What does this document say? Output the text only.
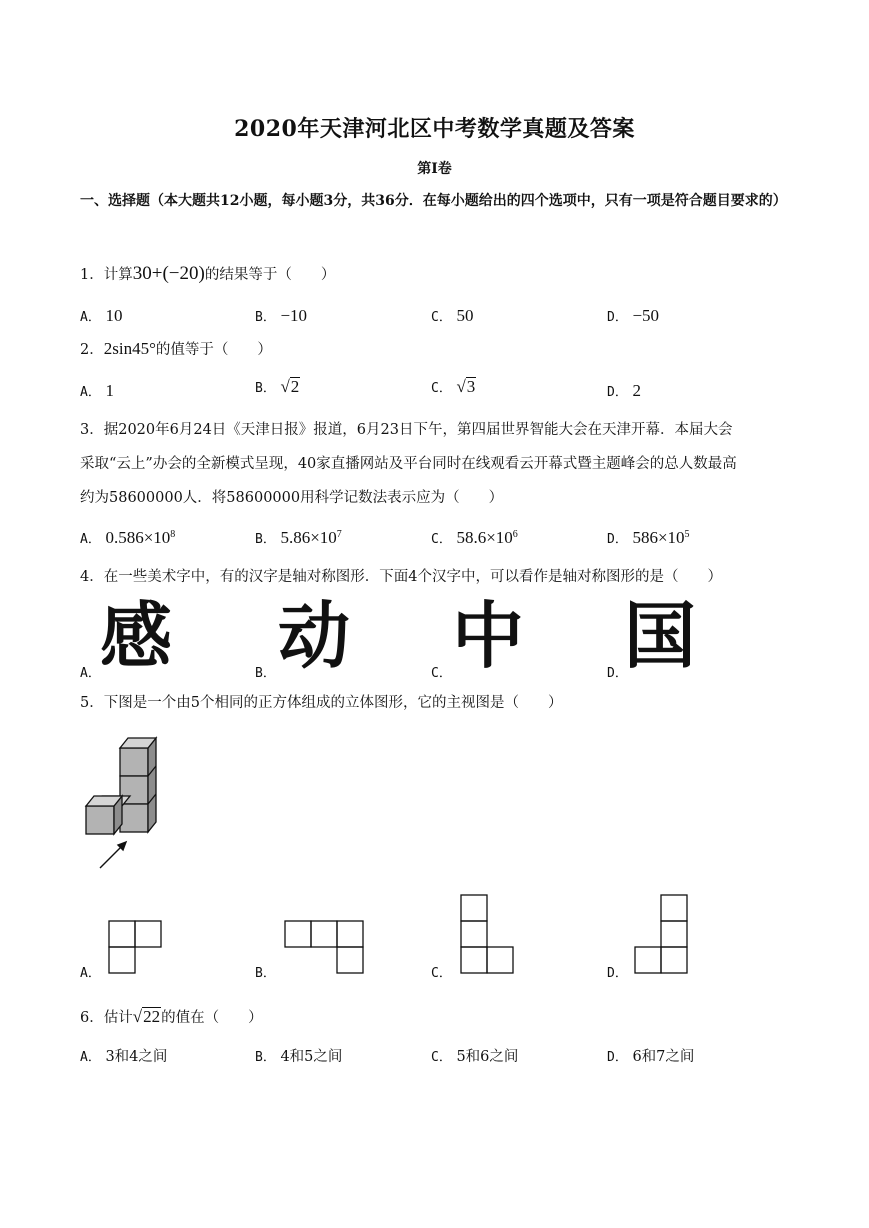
2020年天津河北区中考数学真题及答案
第Ⅰ卷
一、选择题（本大题共12小题，每小题3分，共36分．在每小题给出的四个选项中，只有一项是符合题目要求的）
1．计算30+(−20)的结果等于（　　）
A． 10	B． −10	C． 50	D． −50
2．2sin45°的值等于（　　）
A． 1	B． √2	C． √3	D． 2
3．据2020年6月24日《天津日报》报道，6月23日下午，第四届世界智能大会在天津开幕．本届大会
采取“云上”办会的全新模式呈现，40家直播网站及平台同时在线观看云开幕式暨主题峰会的总人数最高
约为58600000人．将58600000用科学记数法表示应为（　　）
A． $0.586\times 10^8$	B． $5.86\times 10^7$	C． $58.6\times 10^6$	D． $586\times 10^5$
4．在一些美术字中，有的汉字是轴对称图形．下面4个汉字中，可以看作是轴对称图形的是（　　）
A． 感	B． 动	C． 中	D．
国
5．下图是一个由5个相同的正方体组成的立体图形，它的主视图是（　　）
A．	B．	C．	D．
6．估计√22的值在（　　）
A． 3和4之间	B． 4和5之间	C． 5和6之间	D． 6和7之间
